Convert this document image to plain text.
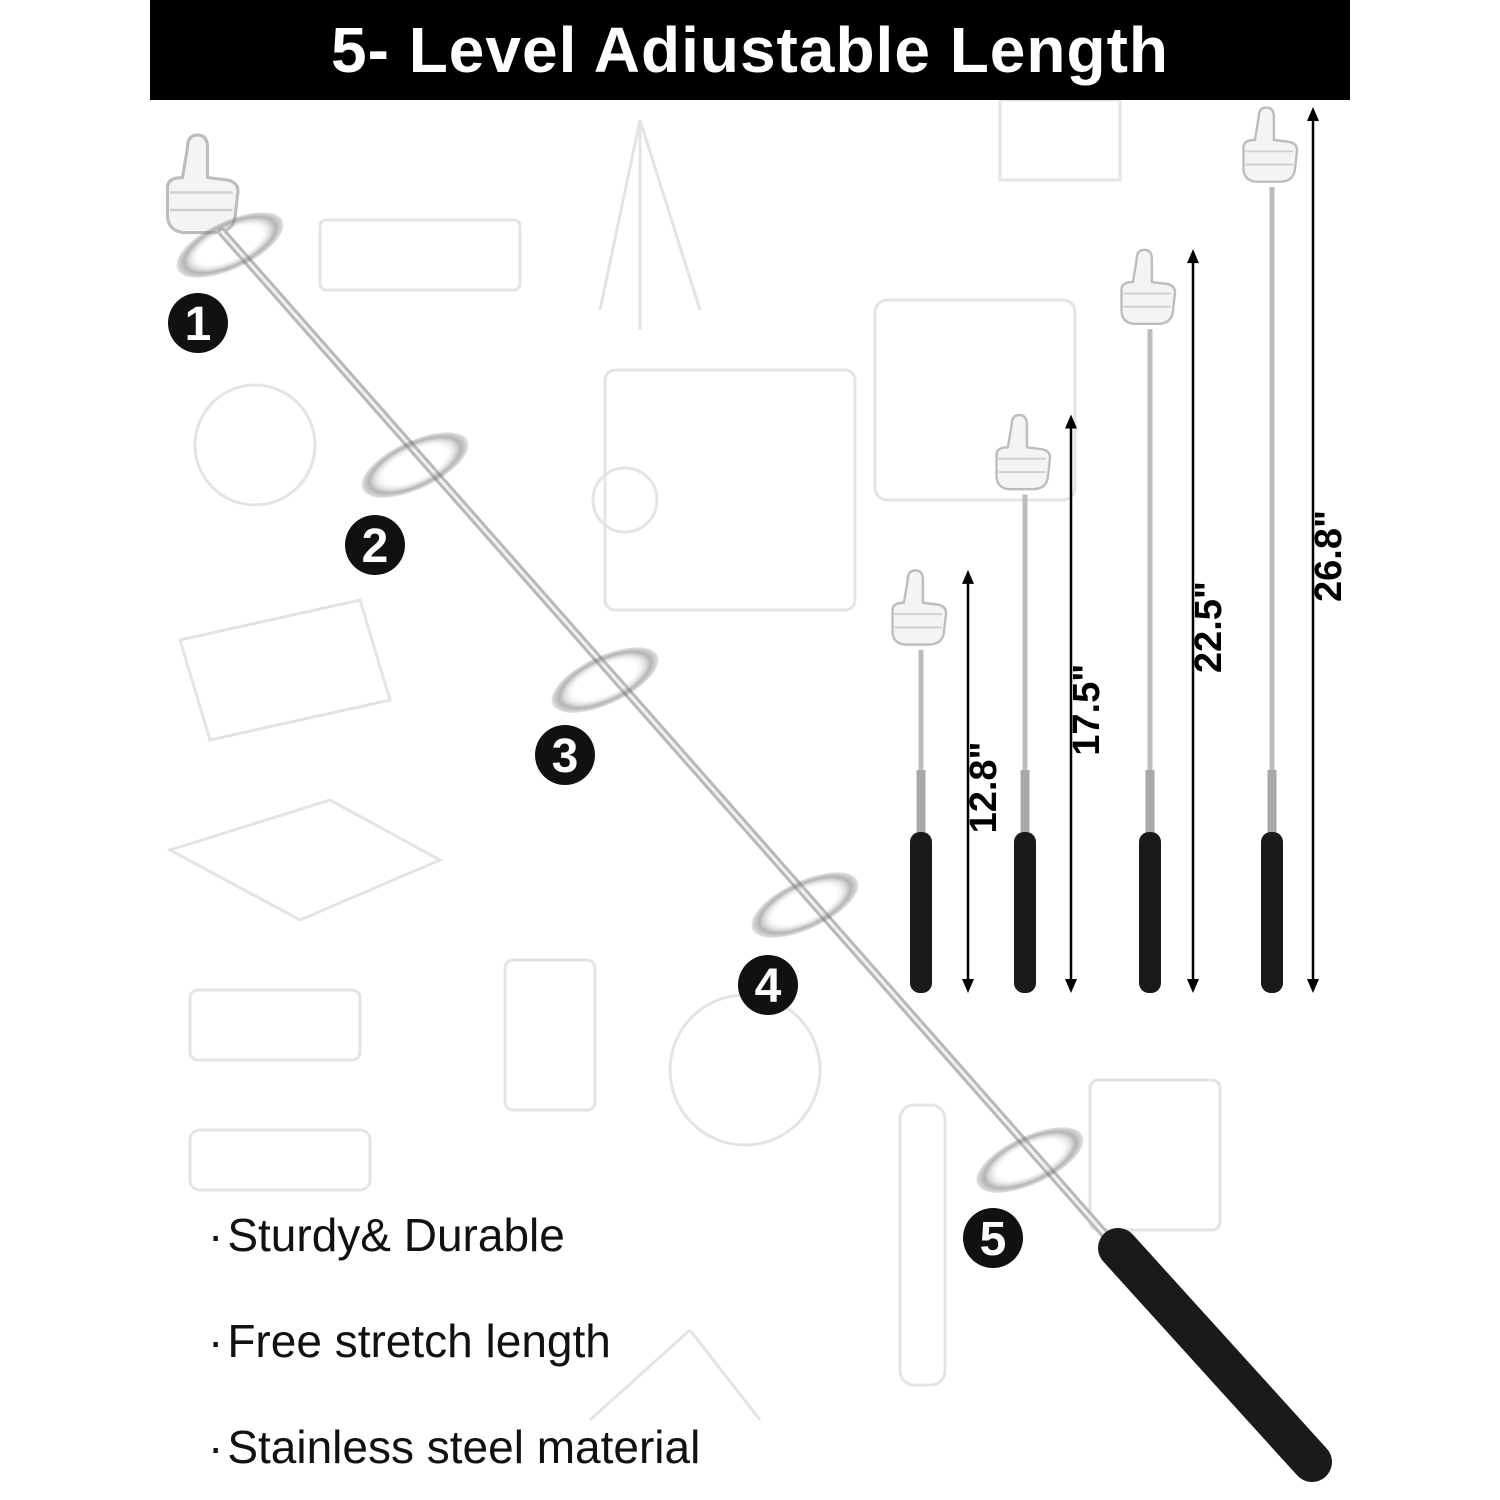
1
2
3
4
5
12.8"
17.5"
22.5"
26.8"
5- Level Adiustable Length
·Sturdy& Durable
·Free stretch length
·Stainless steel material
